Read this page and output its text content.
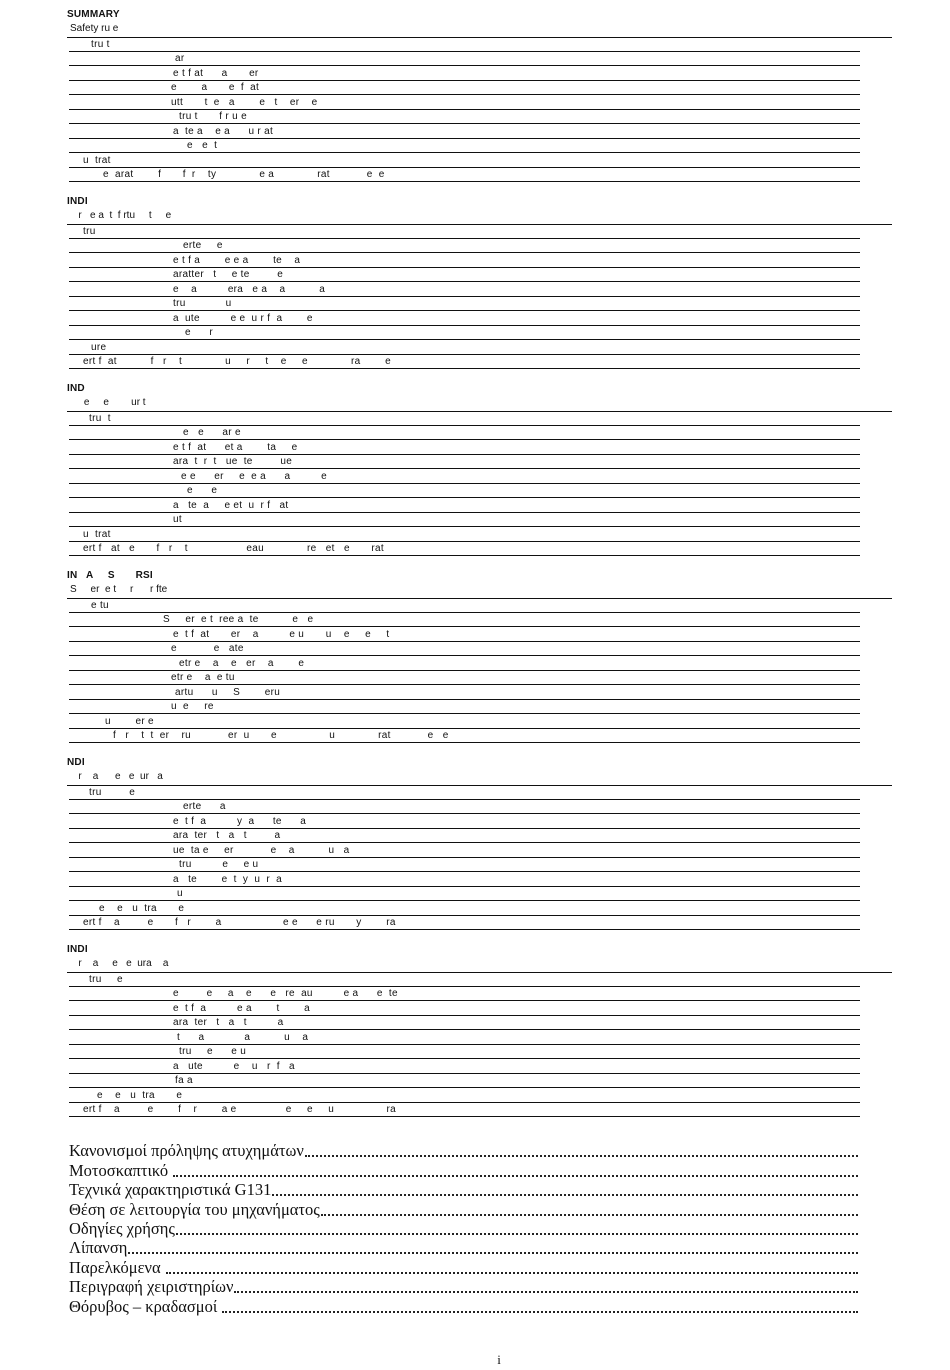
SUMMARY
Safety ru e
tru t
ar
e t f at      a       er
e        a       e  f  at
utt       t  e   a        e   t    er    e
tru t       f r u e
a  te a    e a      u r at
e   e  t
u  trat
e  arat        f       f  r    ty              e a              rat            e  e
INDI
r   e a  t  f rtu     t     e
tru
erte     e
e t f a        e e a        te    a
aratter   t     e te         e
e    a          era   e a    a           a
tru             u
a  ute          e e  u r f  a        e
e      r
ure
ert f  at           f   r    t              u     r     t    e     e              ra        e
IND
e     e        ur t
tru  t
e   e      ar e
e t f  at      et a        ta     e
ara  t  r  t   ue  te         ue
e e      er     e  e a      a          e
e      e
a   te  a     e et  u  r f   at
ut
u  trat
ert f   at   e       f   r    t                   eau              re   et   e       rat
IN   A     S       RSI
S     er  e t     r      r fte
e tu
S     er  e t  ree a  te           e   e
e  t f  at       er    a          e u       u    e     e     t
e            e   ate
etr e    a    e   er    a        e
etr e    a  e tu
artu      u     S        eru
u  e     re
u        er e
f   r    t  t  er    ru            er  u       e                 u              rat            e   e
NDI
r    a      e   e  ur   a
tru         e
erte      a
e  t f  a          y  a      te      a
ara  ter   t   a   t         a
ue  ta e     er            e    a           u   a
tru          e     e u
a   te        e  t  y  u  r  a
u
e    e   u  tra       e
ert f    a         e       f   r        a                    e e      e ru       y        ra
INDI
r    a     e   e  ura    a
tru     e
e         e     a    e      e   re  au          e a      e  te
e  t f  a          e a        t        a
ara  ter   t   a   t          a
t      a             a           u    a
tru     e      e u
a   ute          e    u   r  f   a
fa a
e    e   u  tra       e
ert f    a         e        f    r        a e                e     e     u                 ra
Κανονισμοί πρόληψης ατυχημάτων
Μοτοσκαπτικό
Τεχνικά χαρακτηριστικά G131
Θέση σε λειτουργία του μηχανήματος
Οδηγίες χρήσης
Λίπανση
Παρελκόμενα
Περιγραφή χειριστηρίων
Θόρυβος – κραδασμοί
i
